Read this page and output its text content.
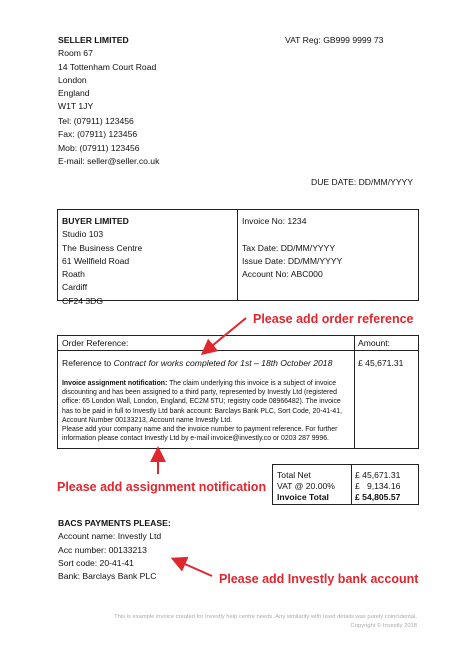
SELLER LIMITED
Room 67
14 Tottenham Court Road
London
England
W1T 1JY
VAT Reg: GB999 9999 73
Tel: (07911) 123456
Fax: (07911) 123456
Mob: (07911) 123456
E-mail: seller@seller.co.uk
DUE DATE: DD/MM/YYYY
BUYER LIMITED
Studio 103
The Business Centre
61 Wellfield Road
Roath
Cardiff
CF24 3DG
Invoice No: 1234

Tax Date: DD/MM/YYYY
Issue Date: DD/MM/YYYY
Account No: ABC000
Order Reference:	Amount:
Reference to Contract for works completed for 1st – 18th October 2018	£ 45,671.31
Invoice assignment notification: The claim underlying this invoice is a subject of invoice discounting and has been assigned to a third party, represented by Investly Ltd (registered office: 65 London Wall, London, England, EC2M 5TU; registry code 08966482). The invoice has to be paid in full to Investly Ltd bank account: Barclays Bank PLC, Sort Code, 20-41-41, Account Number 00133213, Account name Investly Ltd.
Please add your company name and the invoice number to payment reference. For further information please contact Investly Ltd by e-mail invoice@investly.co or 0203 287 9996.
Total Net
VAT @ 20.00%
Invoice Total
£ 45,671.31
£   9,134.16
£ 54,805.57
BACS PAYMENTS PLEASE:
Account name: Investly Ltd
Acc number: 00133213
Sort code: 20-41-41
Bank: Barclays Bank PLC
Please add order reference
Please add assignment notification
Please add Investly bank account
This is example invoice created for Investly help centre needs. Any similarity with used details was purely coincidental.
Copyright © Investly 2018
